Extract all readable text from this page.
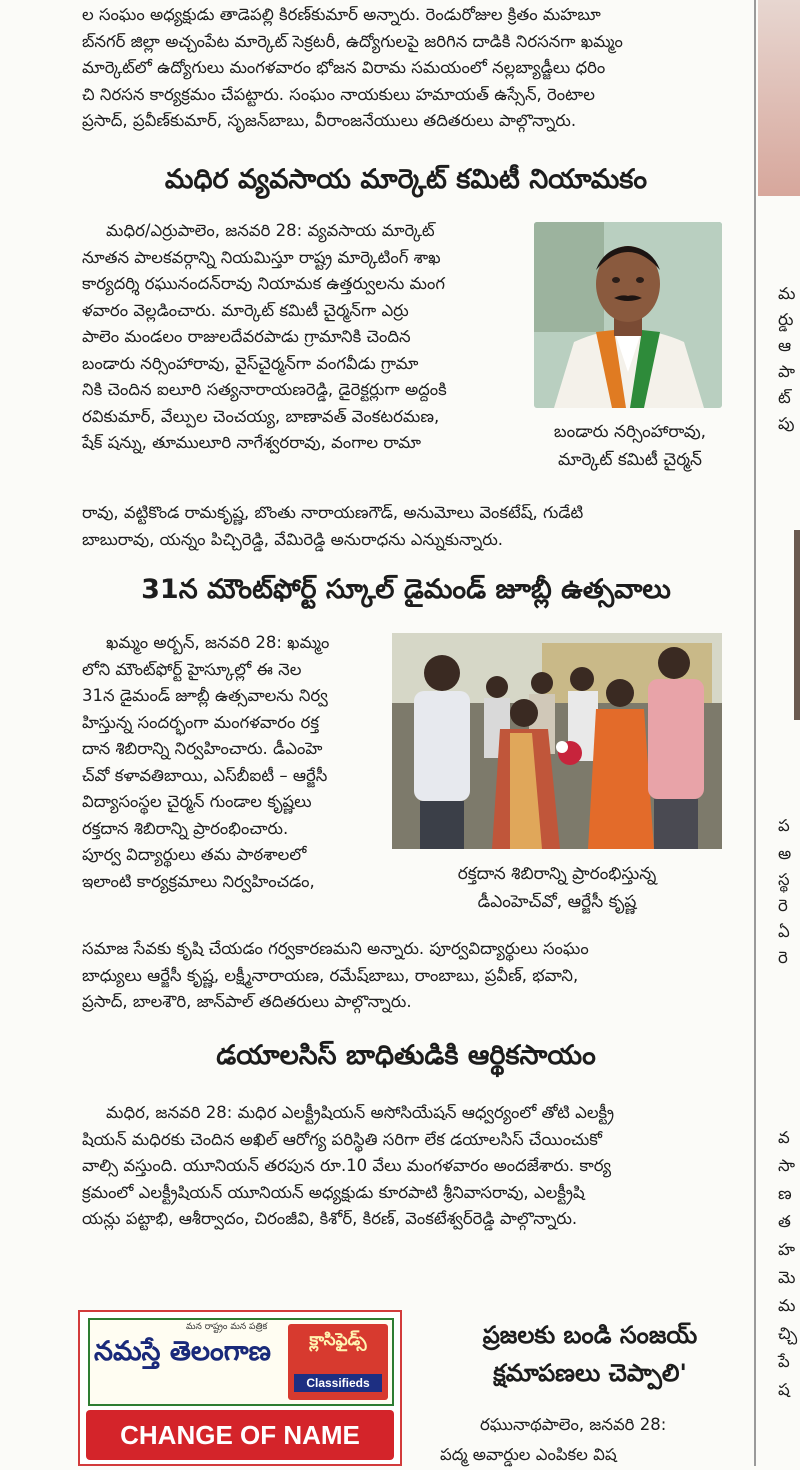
ల సంఘం అధ్యక్షుడు తాడెపల్లి కిరణ్‌కుమార్ అన్నారు. రెండురోజుల క్రితం మహబూ

బ్‌నగర్ జిల్లా అచ్చంపేట మార్కెట్ సెక్రటరీ, ఉద్యోగులపై జరిగిన దాడికి నిరసనగా ఖమ్మం

మార్కెట్‌లో ఉద్యోగులు మంగళవారం భోజన విరామ సమయంలో నల్లబ్యాడ్జీలు ధరిం

చి నిరసన కార్యక్రమం చేపట్టారు. సంఘం నాయకులు హమాయత్ ఉస్సేన్, రెంటాల

ప్రసాద్, ప్రవీణ్‌కుమార్, సృజన్‌బాబు, వీరాంజనేయులు తదితరులు పాల్గొన్నారు.

మధిర వ్యవసాయ మార్కెట్ కమిటీ నియామకం

మధిర/ఎర్రుపాలెం, జనవరి 28: వ్యవసాయ మార్కెట్

నూతన పాలకవర్గాన్ని నియమిస్తూ రాష్ట్ర మార్కెటింగ్ శాఖ

కార్యదర్శి రఘునందన్‌రావు నియామక ఉత్తర్వులను మంగ

ళవారం వెల్లడించారు. మార్కెట్ కమిటీ చైర్మన్‌గా ఎర్రు

పాలెం మండలం రాజులదేవరపాడు గ్రామానికి చెందిన

బండారు నర్సింహారావు, వైస్‌చైర్మన్‌గా వంగవీడు గ్రామా

నికి చెందిన ఐలూరి సత్యనారాయణరెడ్డి, డైరెక్టర్లుగా అద్దంకి

రవికుమార్, వేల్పుల చెంచయ్య, బాణావత్ వెంకటరమణ,

షేక్ షన్ను, తూములూరి నాగేశ్వరరావు, వంగాల రామా

రావు, వట్టికొండ రామకృష్ణ, బొంతు నారాయణగౌడ్, అనుమోలు వెంకటేష్, గుడేటి

బాబురావు, యన్నం పిచ్చిరెడ్డి, వేమిరెడ్డి అనురాధను ఎన్నుకున్నారు.

బండారు నర్సింహారావు,

మార్కెట్ కమిటీ చైర్మన్

31న మౌంట్‌ఫోర్ట్ స్కూల్ డైమండ్ జూబ్లీ ఉత్సవాలు

ఖమ్మం అర్బన్, జనవరి 28: ఖమ్మం

లోని మౌంట్‌ఫోర్ట్ హైస్కూల్లో ఈ నెల

31న డైమండ్ జూబ్లీ ఉత్సవాలను నిర్వ

హిస్తున్న సందర్భంగా మంగళవారం రక్త

దాన శిబిరాన్ని నిర్వహించారు. డీఎంహె

చ్‌వో కళావతిబాయి, ఎస్‌బీఐటీ – ఆర్జేసీ

విద్యాసంస్థల చైర్మన్ గుండాల కృష్ణలు

రక్తదాన శిబిరాన్ని ప్రారంభించారు.

పూర్వ విద్యార్థులు తమ పాఠశాలలో

ఇలాంటి కార్యక్రమాలు నిర్వహించడం,

సమాజ సేవకు కృషి చేయడం గర్వకారణమని అన్నారు. పూర్వవిద్యార్థులు సంఘం

బాధ్యులు ఆర్జేసీ కృష్ణ, లక్ష్మీనారాయణ, రమేష్‌బాబు, రాంబాబు, ప్రవీణ్, భవాని,

ప్రసాద్, బాలశౌరి, జాన్‌పాల్ తదితరులు పాల్గొన్నారు.

రక్తదాన శిబిరాన్ని ప్రారంభిస్తున్న

డీఎంహెచ్‌వో, ఆర్జేసీ కృష్ణ

డయాలసిస్ బాధితుడికి ఆర్థికసాయం

మధిర, జనవరి 28: మధిర ఎలక్ట్రీషియన్ అసోసియేషన్ ఆధ్వర్యంలో తోటి ఎలక్ట్రీ

షియన్ మధిరకు చెందిన అఖిల్ ఆరోగ్య పరిస్థితి సరిగా లేక డయాలసిస్ చేయించుకో

వాల్సి వస్తుంది. యూనియన్ తరపున రూ.10 వేలు మంగళవారం అందజేశారు. కార్య

క్రమంలో ఎలక్ట్రీషియన్ యూనియన్ అధ్యక్షుడు కూరపాటి శ్రీనివాసరావు, ఎలక్ట్రీషి

యన్లు పట్టాభి, ఆశీర్వాదం, చిరంజీవి, కిశోర్, కిరణ్, వెంకటేశ్వర్‌రెడ్డి పాల్గొన్నారు.

మన రాష్ట్రం మన పత్రిక
నమస్తే తెలంగాణ	క్లాసిఫైడ్స్
Classifieds
CHANGE OF NAME

ప్రజలకు బండి సంజయ్

క్షమాపణలు చెప్పాలి'

రఘునాథపాలెం, జనవరి 28:

పద్మ అవార్డుల ఎంపికల విష

మ
ర్డు
ఆ
పా
ట్
పు
ప
అ
స్థ
రె
ఏ
రె
వ
సా
ణ
త
హ
మె
మ
చ్చి
పే
ష
